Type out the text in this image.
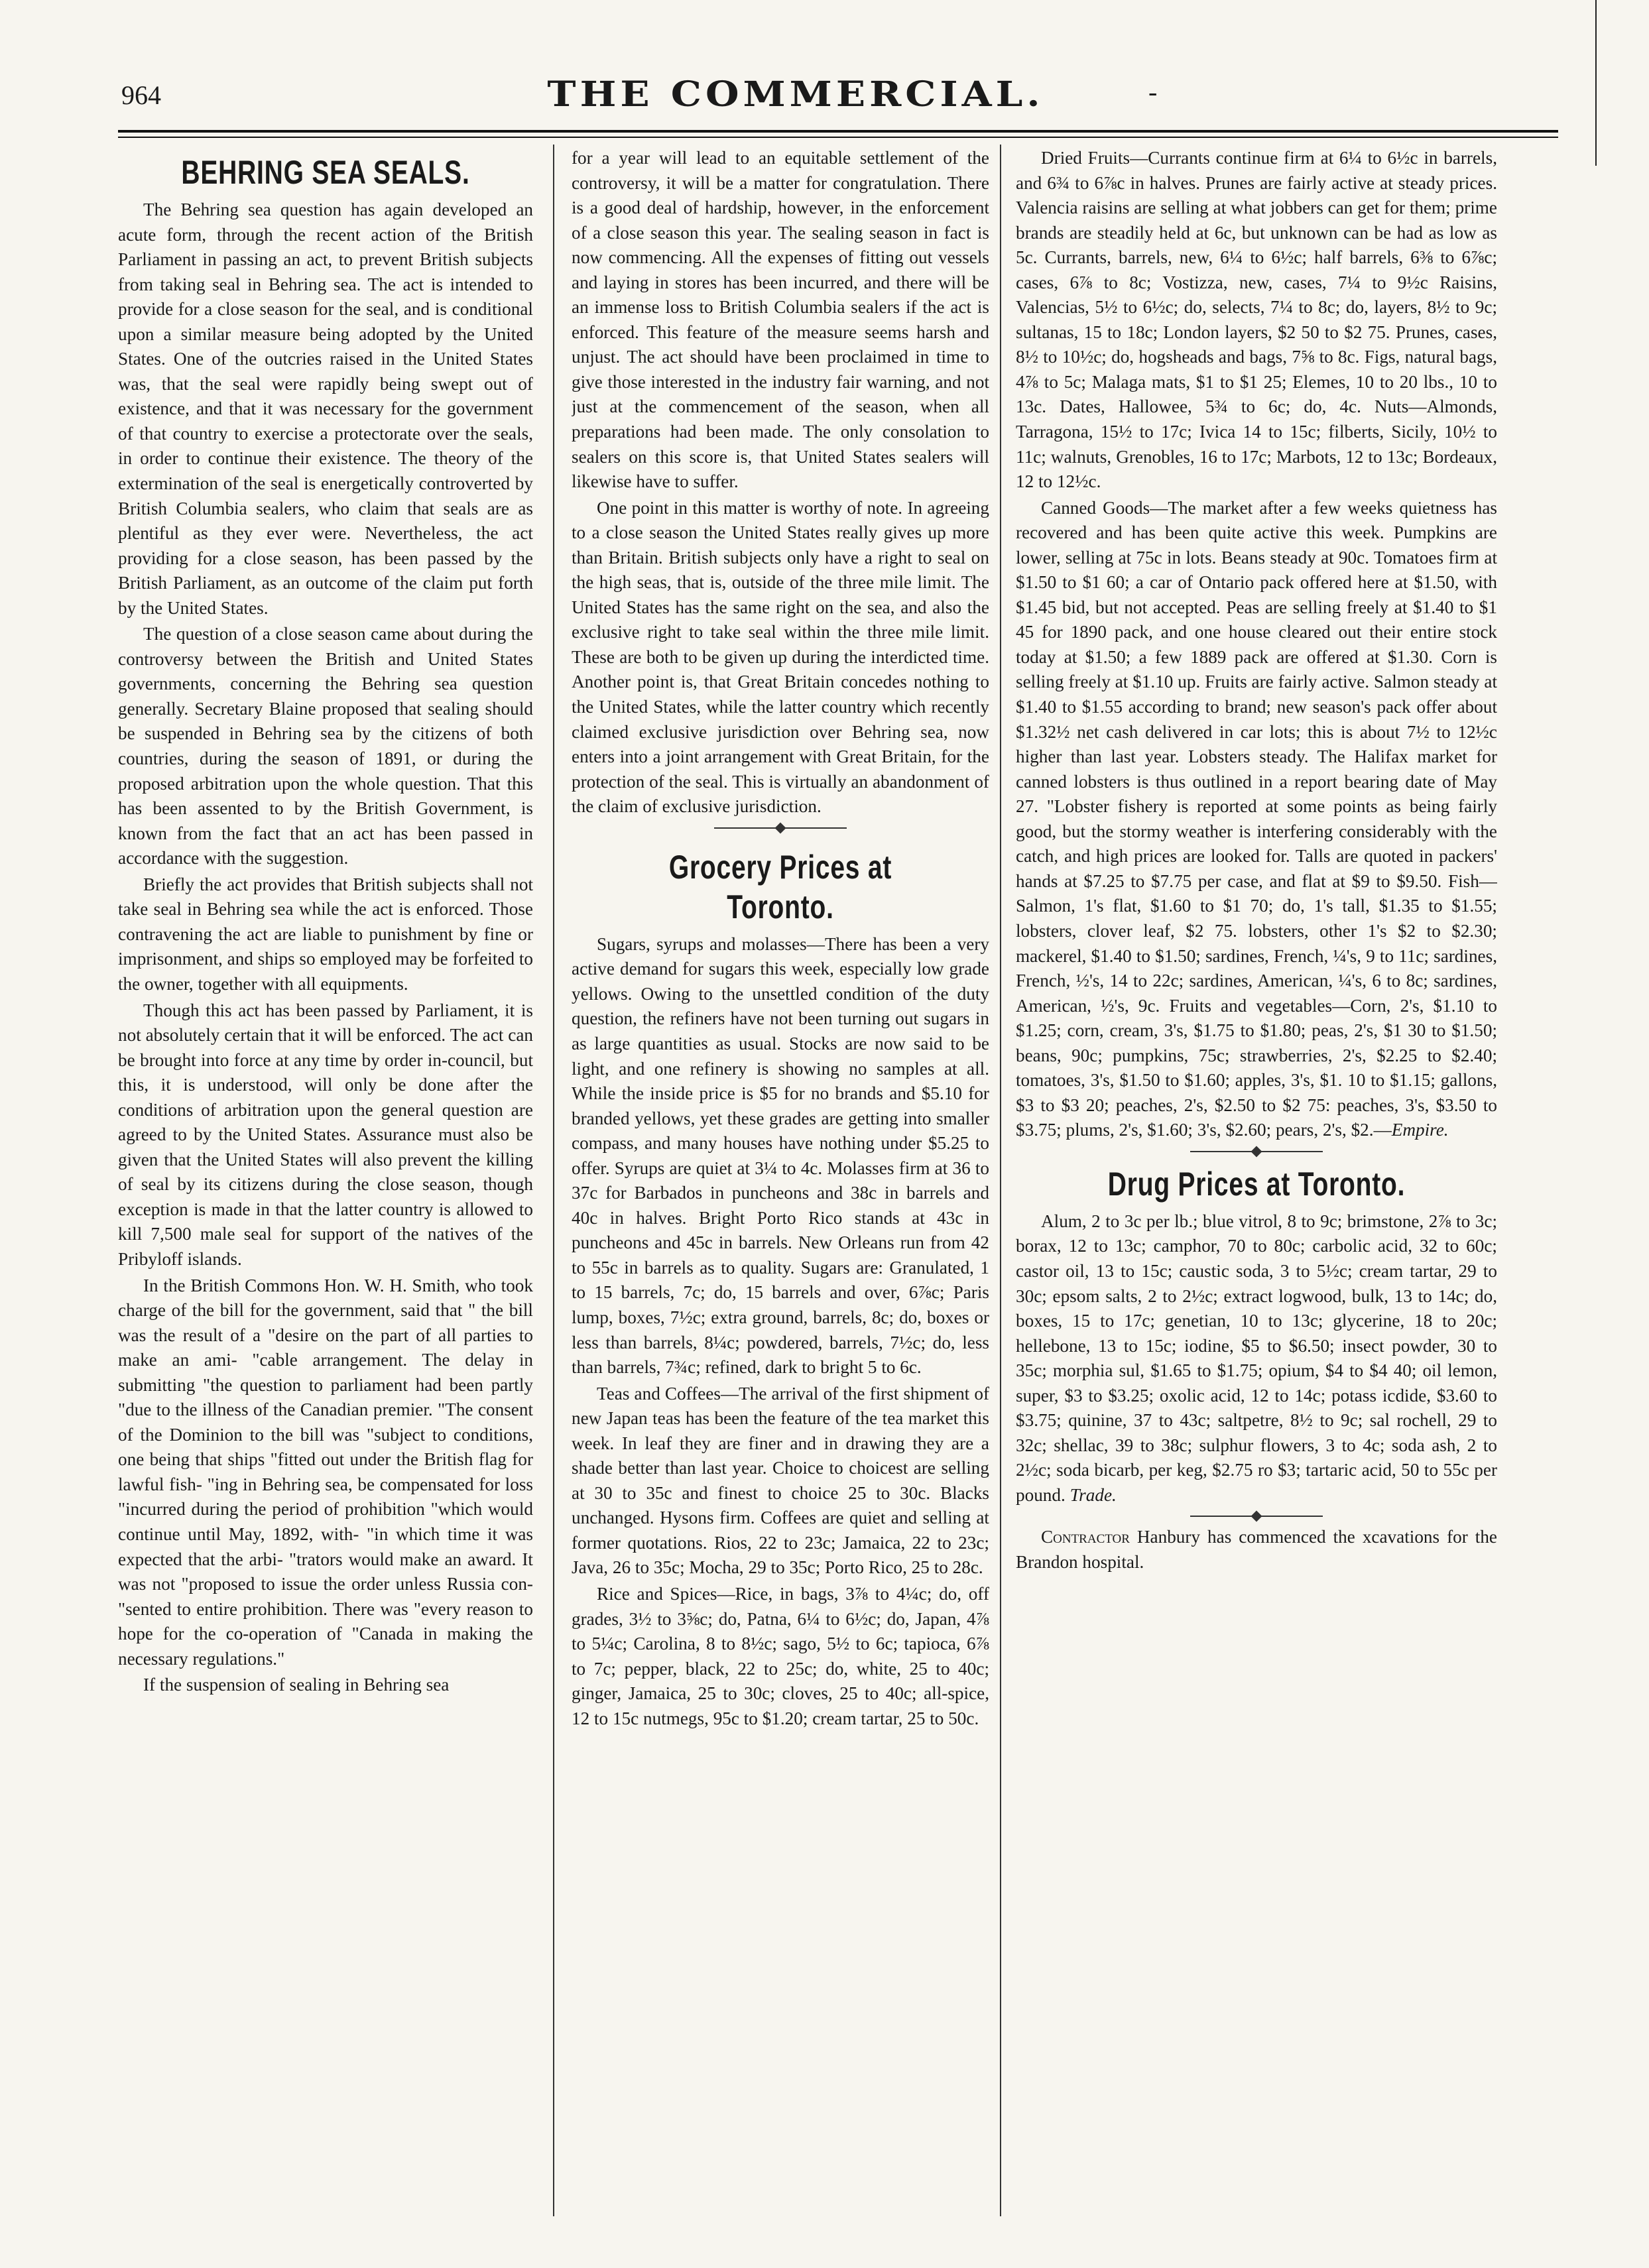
964	THE COMMERCIAL.	-
BEHRING SEA SEALS.

The Behring sea question has again developed an acute form, through the recent action of the British Parliament in passing an act, to prevent British subjects from taking seal in Behring sea. The act is intended to provide for a close season for the seal, and is conditional upon a similar measure being adopted by the United States. One of the outcries raised in the United States was, that the seal were rapidly being swept out of existence, and that it was necessary for the government of that country to exercise a protectorate over the seals, in order to continue their existence. The theory of the extermination of the seal is energetically controverted by British Columbia sealers, who claim that seals are as plentiful as they ever were. Nevertheless, the act providing for a close season, has been passed by the British Parliament, as an outcome of the claim put forth by the United States.

The question of a close season came about during the controversy between the British and United States governments, concerning the Behring sea question generally. Secretary Blaine proposed that sealing should be suspended in Behring sea by the citizens of both countries, during the season of 1891, or during the proposed arbitration upon the whole question. That this has been assented to by the British Government, is known from the fact that an act has been passed in accordance with the suggestion.

Briefly the act provides that British subjects shall not take seal in Behring sea while the act is enforced. Those contravening the act are liable to punishment by fine or imprisonment, and ships so employed may be forfeited to the owner, together with all equipments.

Though this act has been passed by Parliament, it is not absolutely certain that it will be enforced. The act can be brought into force at any time by order in-council, but this, it is understood, will only be done after the conditions of arbitration upon the general question are agreed to by the United States. Assurance must also be given that the United States will also prevent the killing of seal by its citizens during the close season, though exception is made in that the latter country is allowed to kill 7,500 male seal for support of the natives of the Pribyloff islands.

In the British Commons Hon. W. H. Smith, who took charge of the bill for the government, said that " the bill was the result of a "desire on the part of all parties to make an ami- "cable arrangement. The delay in submitting "the question to parliament had been partly "due to the illness of the Canadian premier. "The consent of the Dominion to the bill was "subject to conditions, one being that ships "fitted out under the British flag for lawful fish- "ing in Behring sea, be compensated for loss "incurred during the period of prohibition "which would continue until May, 1892, with- "in which time it was expected that the arbi- "trators would make an award. It was not "proposed to issue the order unless Russia con- "sented to entire prohibition. There was "every reason to hope for the co-operation of "Canada in making the necessary regulations."

If the suspension of sealing in Behring sea

for a year will lead to an equitable settlement of the controversy, it will be a matter for congratulation. There is a good deal of hardship, however, in the enforcement of a close season this year. The sealing season in fact is now commencing. All the expenses of fitting out vessels and laying in stores has been incurred, and there will be an immense loss to British Columbia sealers if the act is enforced. This feature of the measure seems harsh and unjust. The act should have been proclaimed in time to give those interested in the industry fair warning, and not just at the commencement of the season, when all preparations had been made. The only consolation to sealers on this score is, that United States sealers will likewise have to suffer.

One point in this matter is worthy of note. In agreeing to a close season the United States really gives up more than Britain. British subjects only have a right to seal on the high seas, that is, outside of the three mile limit. The United States has the same right on the sea, and also the exclusive right to take seal within the three mile limit. These are both to be given up during the interdicted time. Another point is, that Great Britain concedes nothing to the United States, while the latter country which recently claimed exclusive jurisdiction over Behring sea, now enters into a joint arrangement with Great Britain, for the protection of the seal. This is virtually an abandonment of the claim of exclusive jurisdiction.

Grocery Prices at Toronto.

Sugars, syrups and molasses—There has been a very active demand for sugars this week, especially low grade yellows. Owing to the unsettled condition of the duty question, the refiners have not been turning out sugars in as large quantities as usual. Stocks are now said to be light, and one refinery is showing no samples at all. While the inside price is $5 for no brands and $5.10 for branded yellows, yet these grades are getting into smaller compass, and many houses have nothing under $5.25 to offer. Syrups are quiet at 3¼ to 4c. Molasses firm at 36 to 37c for Barbados in puncheons and 38c in barrels and 40c in halves. Bright Porto Rico stands at 43c in puncheons and 45c in barrels. New Orleans run from 42 to 55c in barrels as to quality. Sugars are: Granulated, 1 to 15 barrels, 7c; do, 15 barrels and over, 6⅞c; Paris lump, boxes, 7½c; extra ground, barrels, 8c; do, boxes or less than barrels, 8¼c; powdered, barrels, 7½c; do, less than barrels, 7¾c; refined, dark to bright 5 to 6c.

Teas and Coffees—The arrival of the first shipment of new Japan teas has been the feature of the tea market this week. In leaf they are finer and in drawing they are a shade better than last year. Choice to choicest are selling at 30 to 35c and finest to choice 25 to 30c. Blacks unchanged. Hysons firm. Coffees are quiet and selling at former quotations. Rios, 22 to 23c; Jamaica, 22 to 23c; Java, 26 to 35c; Mocha, 29 to 35c; Porto Rico, 25 to 28c.

Rice and Spices—Rice, in bags, 3⅞ to 4¼c; do, off grades, 3½ to 3⅝c; do, Patna, 6¼ to 6½c; do, Japan, 4⅞ to 5¼c; Carolina, 8 to 8½c; sago, 5½ to 6c; tapioca, 6⅞ to 7c; pepper, black, 22 to 25c; do, white, 25 to 40c; ginger, Jamaica, 25 to 30c; cloves, 25 to 40c; all-spice, 12 to 15c nutmegs, 95c to $1.20; cream tartar, 25 to 50c.

Dried Fruits—Currants continue firm at 6¼ to 6½c in barrels, and 6¾ to 6⅞c in halves. Prunes are fairly active at steady prices. Valencia raisins are selling at what jobbers can get for them; prime brands are steadily held at 6c, but unknown can be had as low as 5c. Currants, barrels, new, 6¼ to 6½c; half barrels, 6⅜ to 6⅞c; cases, 6⅞ to 8c; Vostizza, new, cases, 7¼ to 9½c Raisins, Valencias, 5½ to 6½c; do, selects, 7¼ to 8c; do, layers, 8½ to 9c; sultanas, 15 to 18c; London layers, $2 50 to $2 75. Prunes, cases, 8½ to 10½c; do, hogsheads and bags, 7⅝ to 8c. Figs, natural bags, 4⅞ to 5c; Malaga mats, $1 to $1 25; Elemes, 10 to 20 lbs., 10 to 13c. Dates, Hallowee, 5¾ to 6c; do, 4c. Nuts—Almonds, Tarragona, 15½ to 17c; Ivica 14 to 15c; filberts, Sicily, 10½ to 11c; walnuts, Grenobles, 16 to 17c; Marbots, 12 to 13c; Bordeaux, 12 to 12½c.

Canned Goods—The market after a few weeks quietness has recovered and has been quite active this week. Pumpkins are lower, selling at 75c in lots. Beans steady at 90c. Tomatoes firm at $1.50 to $1 60; a car of Ontario pack offered here at $1.50, with $1.45 bid, but not accepted. Peas are selling freely at $1.40 to $1 45 for 1890 pack, and one house cleared out their entire stock today at $1.50; a few 1889 pack are offered at $1.30. Corn is selling freely at $1.10 up. Fruits are fairly active. Salmon steady at $1.40 to $1.55 according to brand; new season's pack offer about $1.32½ net cash delivered in car lots; this is about 7½ to 12½c higher than last year. Lobsters steady. The Halifax market for canned lobsters is thus outlined in a report bearing date of May 27. "Lobster fishery is reported at some points as being fairly good, but the stormy weather is interfering considerably with the catch, and high prices are looked for. Talls are quoted in packers' hands at $7.25 to $7.75 per case, and flat at $9 to $9.50. Fish—Salmon, 1's flat, $1.60 to $1 70; do, 1's tall, $1.35 to $1.55; lobsters, clover leaf, $2 75. lobsters, other 1's $2 to $2.30; mackerel, $1.40 to $1.50; sardines, French, ¼'s, 9 to 11c; sardines, French, ½'s, 14 to 22c; sardines, American, ¼'s, 6 to 8c; sardines, American, ½'s, 9c. Fruits and vegetables—Corn, 2's, $1.10 to $1.25; corn, cream, 3's, $1.75 to $1.80; peas, 2's, $1 30 to $1.50; beans, 90c; pumpkins, 75c; strawberries, 2's, $2.25 to $2.40; tomatoes, 3's, $1.50 to $1.60; apples, 3's, $1. 10 to $1.15; gallons, $3 to $3 20; peaches, 2's, $2.50 to $2 75: peaches, 3's, $3.50 to $3.75; plums, 2's, $1.60; 3's, $2.60; pears, 2's, $2.—Empire.

Drug Prices at Toronto.

Alum, 2 to 3c per lb.; blue vitrol, 8 to 9c; brimstone, 2⅞ to 3c; borax, 12 to 13c; camphor, 70 to 80c; carbolic acid, 32 to 60c; castor oil, 13 to 15c; caustic soda, 3 to 5½c; cream tartar, 29 to 30c; epsom salts, 2 to 2½c; extract logwood, bulk, 13 to 14c; do, boxes, 15 to 17c; genetian, 10 to 13c; glycerine, 18 to 20c; hellebone, 13 to 15c; iodine, $5 to $6.50; insect powder, 30 to 35c; morphia sul, $1.65 to $1.75; opium, $4 to $4 40; oil lemon, super, $3 to $3.25; oxolic acid, 12 to 14c; potass icdide, $3.60 to $3.75; quinine, 37 to 43c; saltpetre, 8½ to 9c; sal rochell, 29 to 32c; shellac, 39 to 38c; sulphur flowers, 3 to 4c; soda ash, 2 to 2½c; soda bicarb, per keg, $2.75 ro $3; tartaric acid, 50 to 55c per pound. Trade.

Contractor Hanbury has commenced the xcavations for the Brandon hospital.
